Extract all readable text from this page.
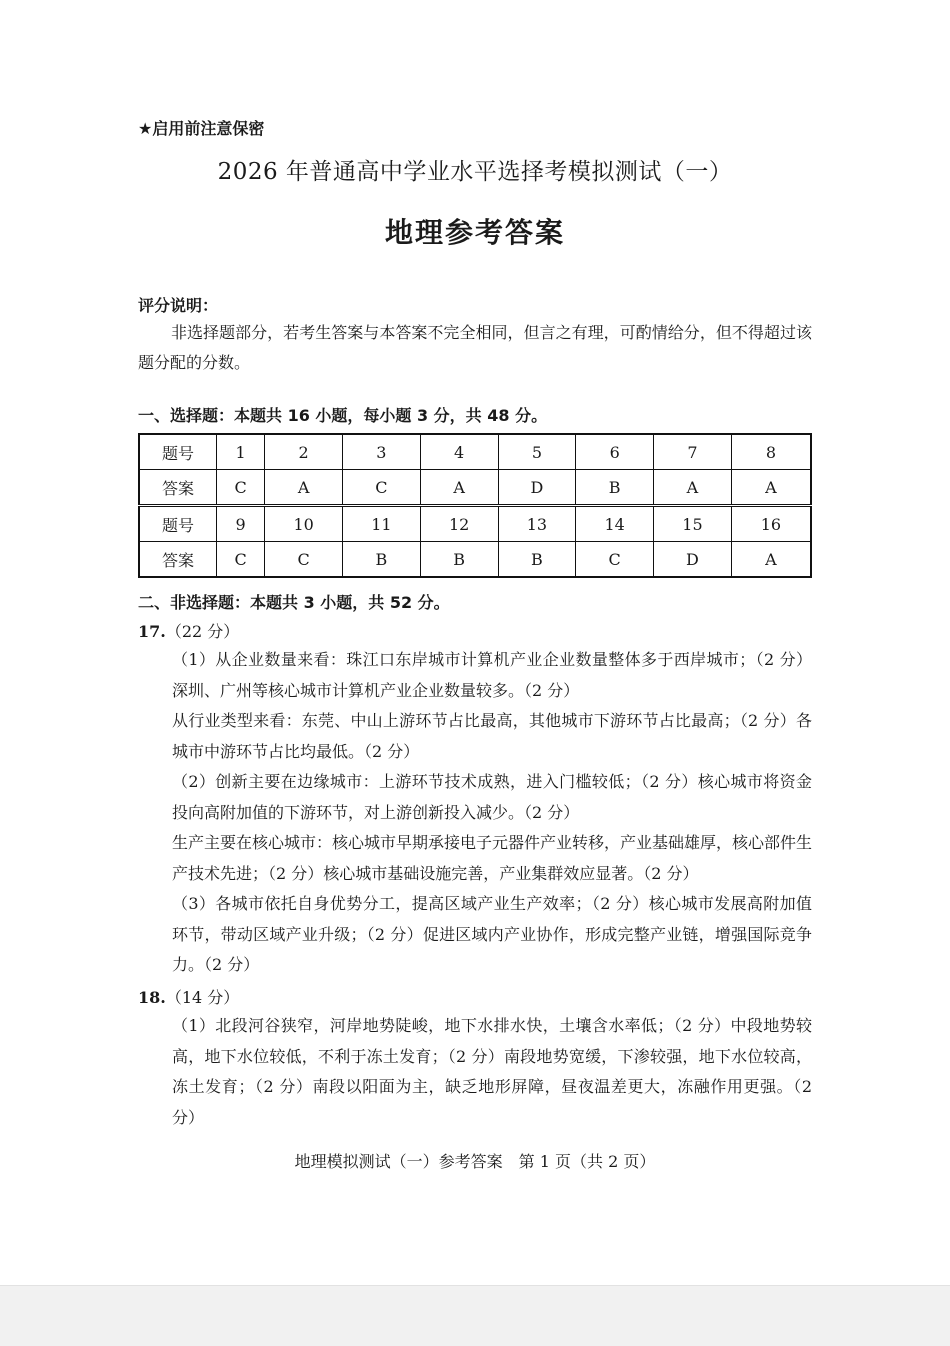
★启用前注意保密
2026 年普通高中学业水平选择考模拟测试（一）
地理参考答案
评分说明：
非选择题部分，若考生答案与本答案不完全相同，但言之有理，可酌情给分，但不得超过该题分配的分数。
一、选择题：本题共 16 小题，每小题 3 分，共 48 分。
题号	1	2	3	4	5	6	7	8
答案	C	A	C	A	D	B	A	A
题号	9	10	11	12	13	14	15	16
答案	C	C	B	B	B	C	D	A
二、非选择题：本题共 3 小题，共 52 分。
17.（22 分）

（1）从企业数量来看：珠江口东岸城市计算机产业企业数量整体多于西岸城市；（2 分）深圳、广州等核心城市计算机产业企业数量较多。（2 分）

从行业类型来看：东莞、中山上游环节占比最高，其他城市下游环节占比最高；（2 分）各城市中游环节占比均最低。（2 分）

（2）创新主要在边缘城市：上游环节技术成熟，进入门槛较低；（2 分）核心城市将资金投向高附加值的下游环节，对上游创新投入减少。（2 分）

生产主要在核心城市：核心城市早期承接电子元器件产业转移，产业基础雄厚，核心部件生产技术先进；（2 分）核心城市基础设施完善，产业集群效应显著。（2 分）

（3）各城市依托自身优势分工，提高区域产业生产效率；（2 分）核心城市发展高附加值环节，带动区域产业升级；（2 分）促进区域内产业协作，形成完整产业链，增强国际竞争力。（2 分）

18.（14 分）

（1）北段河谷狭窄，河岸地势陡峻，地下水排水快，土壤含水率低；（2 分）中段地势较高，地下水位较低，不利于冻土发育；（2 分）南段地势宽缓，下渗较强，地下水位较高，冻土发育；（2 分）南段以阳面为主，缺乏地形屏障，昼夜温差更大，冻融作用更强。（2 分）

地理模拟测试（一）参考答案　第 1 页（共 2 页）
